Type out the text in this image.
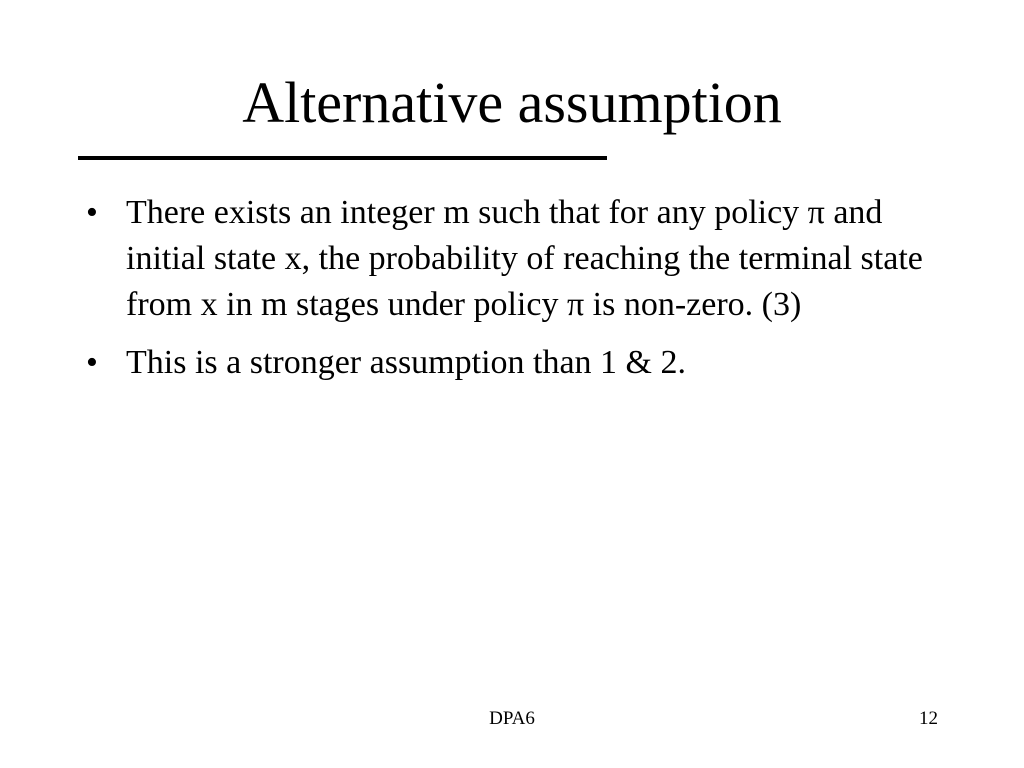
Alternative assumption
• There exists an integer m such that for any policy π and initial state x, the probability of reaching the terminal state from x in m stages under policy π is non-zero. (3)
• This is a stronger assumption than 1 & 2.
DPA6	12
